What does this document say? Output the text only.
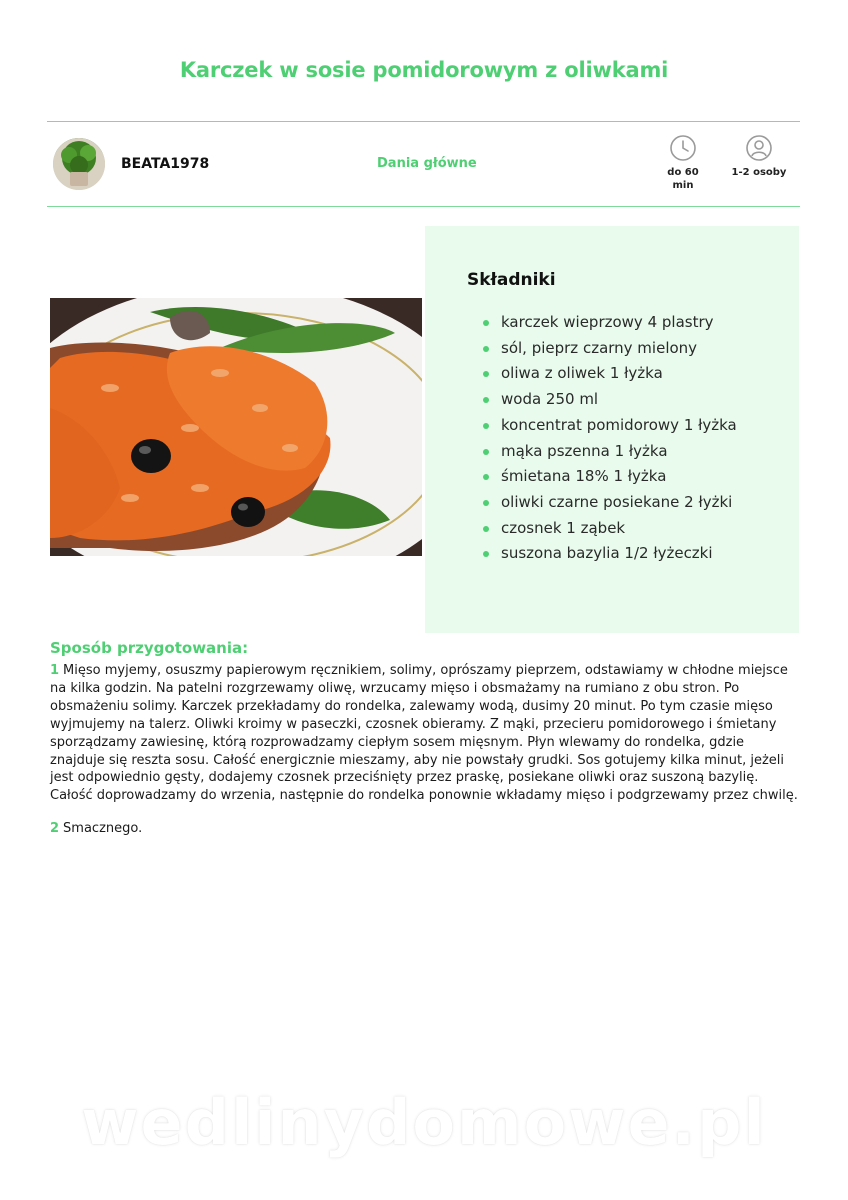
Karczek w sosie pomidorowym z oliwkami
BEATA1978	Dania główne
do 60
min
1-2 osoby
Składniki
karczek wieprzowy 4 plastry
sól, pieprz czarny mielony
oliwa z oliwek 1 łyżka
woda 250 ml
koncentrat pomidorowy 1 łyżka
mąka pszenna 1 łyżka
śmietana 18% 1 łyżka
oliwki czarne posiekane 2 łyżki
czosnek 1 ząbek
suszona bazylia 1/2 łyżeczki
Sposób przygotowania:
1 Mięso myjemy, osuszmy papierowym ręcznikiem, solimy, oprószamy pieprzem, odstawiamy w chłodne miejsce na kilka godzin. Na patelni rozgrzewamy oliwę, wrzucamy mięso i obsmażamy na rumiano z obu stron. Po obsmażeniu solimy. Karczek przekładamy do rondelka, zalewamy wodą, dusimy 20 minut. Po tym czasie mięso wyjmujemy na talerz. Oliwki kroimy w paseczki, czosnek obieramy. Z mąki, przecieru pomidorowego i śmietany sporządzamy zawiesinę, którą rozprowadzamy ciepłym sosem mięsnym. Płyn wlewamy do rondelka, gdzie znajduje się reszta sosu. Całość energicznie mieszamy, aby nie powstały grudki. Sos gotujemy kilka minut, jeżeli jest odpowiednio gęsty, dodajemy czosnek przeciśnięty przez praskę, posiekane oliwki oraz suszoną bazylię. Całość doprowadzamy do wrzenia, następnie do rondelka ponownie wkładamy mięso i podgrzewamy przez chwilę.
2 Smacznego.
wedlinydomowe.pl
